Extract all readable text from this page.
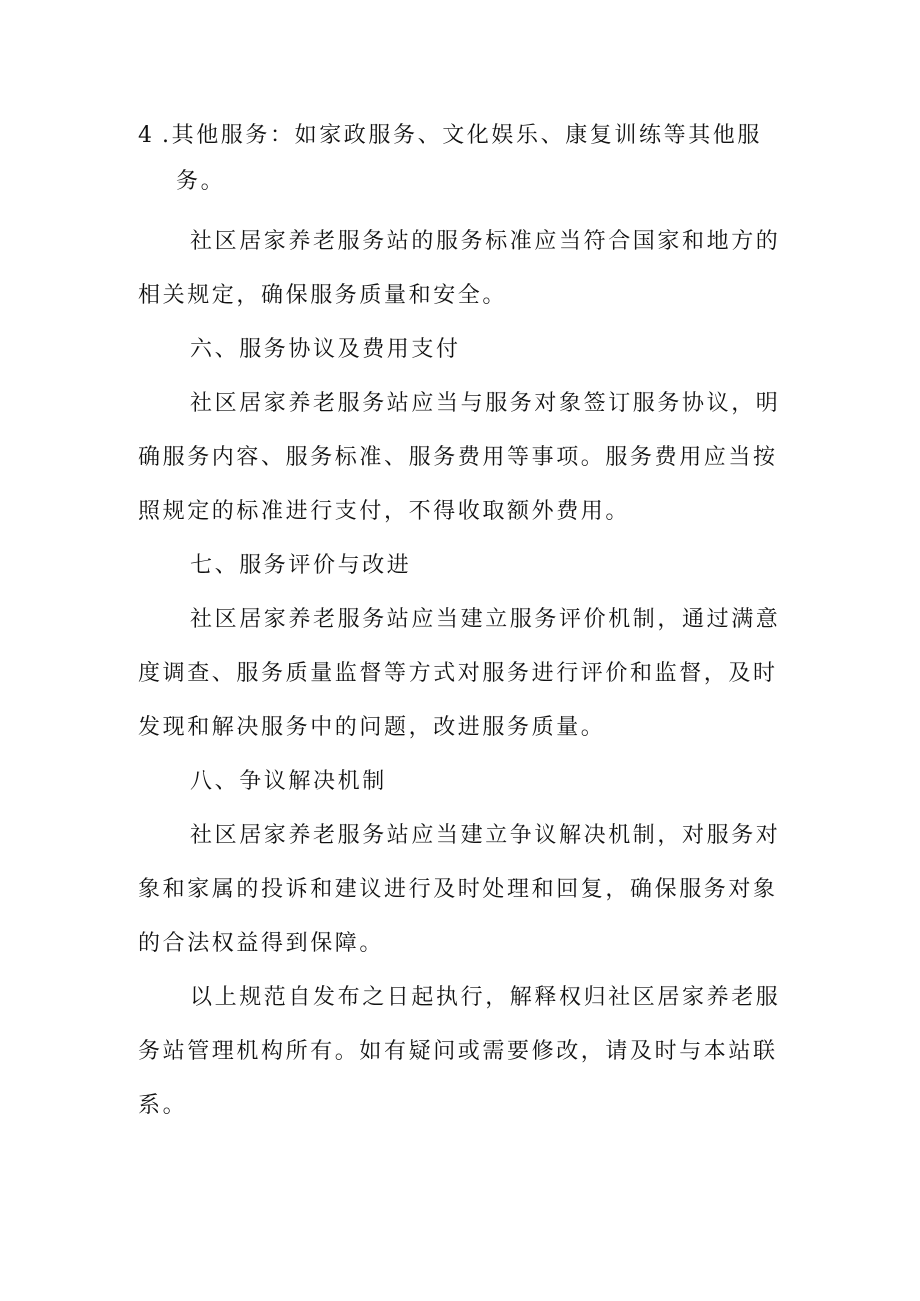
4 .其他服务：如家政服务、文化娱乐、康复训练等其他服
务。

社区居家养老服务站的服务标准应当符合国家和地方的相关规定，确保服务质量和安全。

六、服务协议及费用支付

社区居家养老服务站应当与服务对象签订服务协议，明确服务内容、服务标准、服务费用等事项。服务费用应当按照规定的标准进行支付，不得收取额外费用。

七、服务评价与改进

社区居家养老服务站应当建立服务评价机制，通过满意度调查、服务质量监督等方式对服务进行评价和监督，及时发现和解决服务中的问题，改进服务质量。

八、争议解决机制

社区居家养老服务站应当建立争议解决机制，对服务对象和家属的投诉和建议进行及时处理和回复，确保服务对象的合法权益得到保障。

以上规范自发布之日起执行，解释权归社区居家养老服务站管理机构所有。如有疑问或需要修改，请及时与本站联系。
